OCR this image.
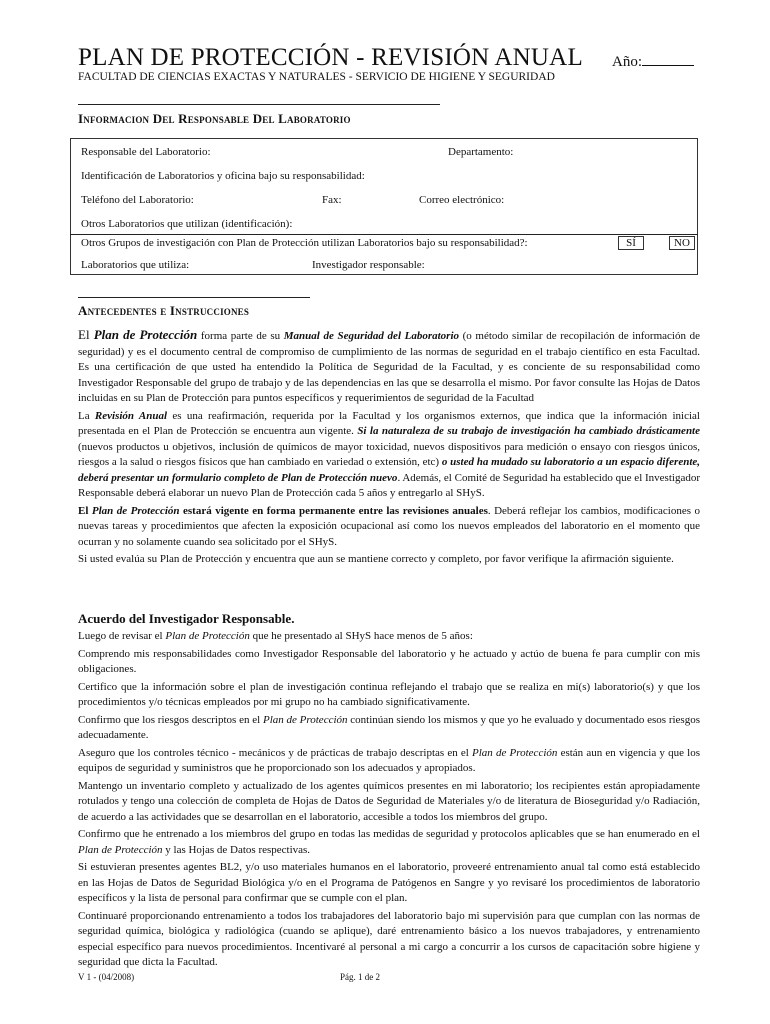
PLAN DE PROTECCIÓN - REVISIÓN ANUAL Año:
FACULTAD DE CIENCIAS EXACTAS Y NATURALES - SERVICIO DE HIGIENE Y SEGURIDAD
Informacion Del Responsable Del Laboratorio
Responsable del Laboratorio:	Departamento:
Identificación de Laboratorios y oficina bajo su responsabilidad:
Teléfono del Laboratorio:	Fax:	Correo electrónico:
Otros Laboratorios que utilizan (identificación):
Otros Grupos de investigación con Plan de Protección utilizan Laboratorios bajo su responsabilidad?:	SÍ	NO
Laboratorios que utiliza:	Investigador responsable:
Antecedentes e Instrucciones

El Plan de Protección forma parte de su Manual de Seguridad del Laboratorio (o método similar de recopilación de información de seguridad) y es el documento central de compromiso de cumplimiento de las normas de seguridad en el trabajo científico en esta Facultad. Es una certificación de que usted ha entendido la Política de Seguridad de la Facultad, y es conciente de su responsabilidad como Investigador Responsable del grupo de trabajo y de las dependencias en las que se desarrolla el mismo. Por favor consulte las Hojas de Datos incluidas en su Plan de Protección para puntos específicos y requerimientos de seguridad de la Facultad

La Revisión Anual es una reafirmación, requerida por la Facultad y los organismos externos, que indica que la información inicial presentada en el Plan de Protección se encuentra aun vigente. Si la naturaleza de su trabajo de investigación ha cambiado drásticamente (nuevos productos u objetivos, inclusión de químicos de mayor toxicidad, nuevos dispositivos para medición o ensayo con riesgos únicos, riesgos a la salud o riesgos físicos que han cambiado en variedad o extensión, etc) o usted ha mudado su laboratorio a un espacio diferente, deberá presentar un formulario completo de Plan de Protección nuevo. Además, el Comité de Seguridad ha establecido que el Investigador Responsable deberá elaborar un nuevo Plan de Protección cada 5 años y entregarlo al SHyS.

El Plan de Protección estará vigente en forma permanente entre las revisiones anuales. Deberá reflejar los cambios, modificaciones o nuevas tareas y procedimientos que afecten la exposición ocupacional así como los nuevos empleados del laboratorio en el momento que ocurran y no solamente cuando sea solicitado por el SHyS.

Si usted evalúa su Plan de Protección y encuentra que aun se mantiene correcto y completo, por favor verifique la afirmación siguiente.

Acuerdo del Investigador Responsable.

Luego de revisar el Plan de Protección que he presentado al SHyS hace menos de 5 años:

Comprendo mis responsabilidades como Investigador Responsable del laboratorio y he actuado y actúo de buena fe para cumplir con mis obligaciones.

Certifico que la información sobre el plan de investigación continua reflejando el trabajo que se realiza en mi(s) laboratorio(s) y que los procedimientos y/o técnicas empleados por mi grupo no ha cambiado significativamente.

Confirmo que los riesgos descriptos en el Plan de Protección continúan siendo los mismos y que yo he evaluado y documentado esos riesgos adecuadamente.

Aseguro que los controles técnico - mecánicos y de prácticas de trabajo descriptas en el Plan de Protección están aun en vigencia y que los equipos de seguridad y suministros que he proporcionado son los adecuados y apropiados.

Mantengo un inventario completo y actualizado de los agentes químicos presentes en mi laboratorio; los recipientes están apropiadamente rotulados y tengo una colección de completa de Hojas de Datos de Seguridad de Materiales y/o de literatura de Bioseguridad y/o Radiación, de acuerdo a las actividades que se desarrollan en el laboratorio, accesible a todos los miembros del grupo.

Confirmo que he entrenado a los miembros del grupo en todas las medidas de seguridad y protocolos aplicables que se han enumerado en el Plan de Protección y las Hojas de Datos respectivas.

Si estuvieran presentes agentes BL2, y/o uso materiales humanos en el laboratorio, proveeré entrenamiento anual tal como está establecido en las Hojas de Datos de Seguridad Biológica y/o en el Programa de Patógenos en Sangre y yo revisaré los procedimientos de laboratorio específicos y la lista de personal para confirmar que se cumple con el plan.

Continuaré proporcionando entrenamiento a todos los trabajadores del laboratorio bajo mi supervisión para que cumplan con las normas de seguridad química, biológica y radiológica (cuando se aplique), daré entrenamiento básico a los nuevos trabajadores, y entrenamiento especial específico para nuevos procedimientos. Incentivaré al personal a mi cargo a concurrir a los cursos de capacitación sobre higiene y seguridad que dicta la Facultad.

V 1 - (04/2008)	Pág. 1 de 2
